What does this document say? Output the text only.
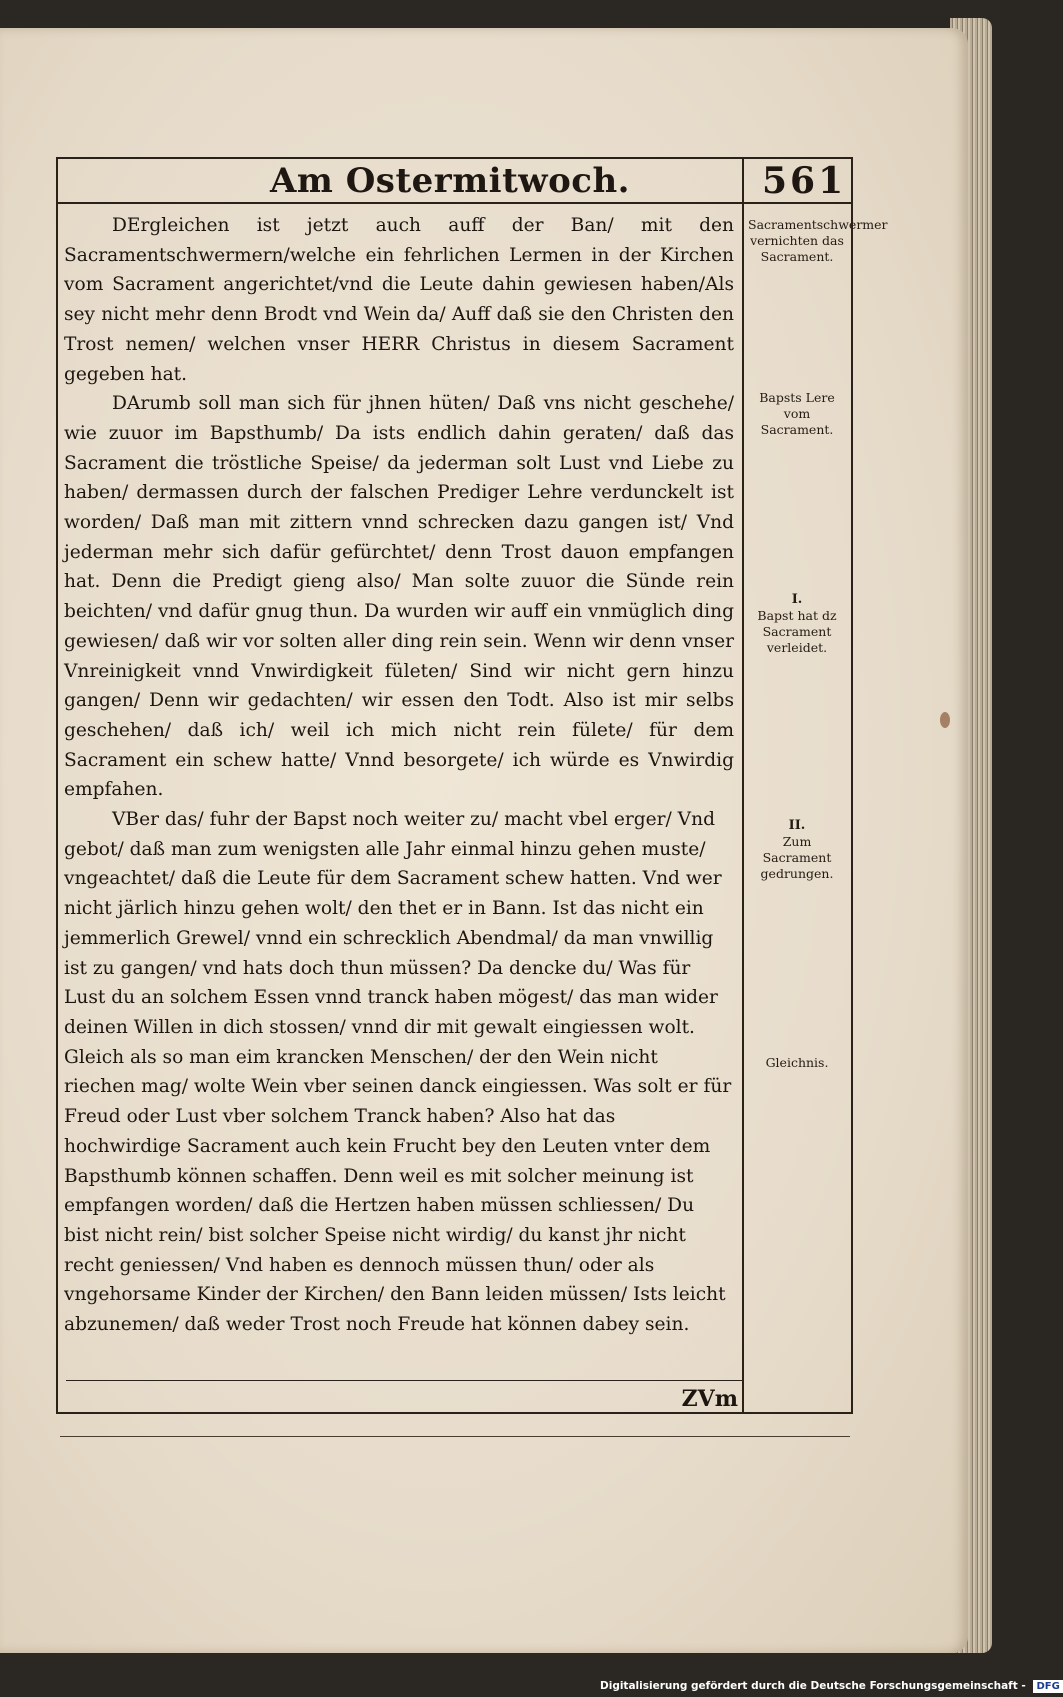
Am Ostermitwoch.	561

DErgleichen ist jetzt auch auff der Ban/ mit den Sacramentschwermern/welche ein fehrlichen Lermen in der Kirchen vom Sacrament angerichtet/vnd die Leute dahin gewiesen haben/Als sey nicht mehr denn Brodt vnd Wein da/ Auff daß sie den Christen den Trost nemen/ welchen vnser HERR Christus in diesem Sacrament gegeben hat.

DArumb soll man sich für jhnen hüten/ Daß vns nicht geschehe/ wie zuuor im Bapsthumb/ Da ists endlich dahin geraten/ daß das Sacrament die tröstliche Speise/ da jederman solt Lust vnd Liebe zu haben/ dermassen durch der falschen Prediger Lehre verdunckelt ist worden/ Daß man mit zittern vnnd schrecken dazu gangen ist/ Vnd jederman mehr sich dafür gefürchtet/ denn Trost dauon empfangen hat. Denn die Predigt gieng also/ Man solte zuuor die Sünde rein beichten/ vnd dafür gnug thun. Da wurden wir auff ein vnmüglich ding gewiesen/ daß wir vor solten aller ding rein sein. Wenn wir denn vnser Vnreinigkeit vnnd Vnwirdigkeit fületen/ Sind wir nicht gern hinzu gangen/ Denn wir gedachten/ wir essen den Todt. Also ist mir selbs geschehen/ daß ich/ weil ich mich nicht rein fülete/ für dem Sacrament ein schew hatte/ Vnnd besorgete/ ich würde es Vnwirdig empfahen.

VBer das/ fuhr der Bapst noch weiter zu/ macht vbel erger/ Vnd gebot/ daß man zum wenigsten alle Jahr einmal hinzu gehen muste/ vngeachtet/ daß die Leute für dem Sacrament schew hatten. Vnd wer nicht järlich hinzu gehen wolt/ den thet er in Bann. Ist das nicht ein jemmerlich Grewel/ vnnd ein schrecklich Abendmal/ da man vnwillig ist zu gangen/ vnd hats doch thun müssen? Da dencke du/ Was für Lust du an solchem Essen vnnd tranck haben mögest/ das man wider deinen Willen in dich stossen/ vnnd dir mit gewalt eingiessen wolt. Gleich als so man eim krancken Menschen/ der den Wein nicht riechen mag/ wolte Wein vber seinen danck eingiessen. Was solt er für Freud oder Lust vber solchem Tranck haben? Also hat das hochwirdige Sacrament auch kein Frucht bey den Leuten vnter dem Bapsthumb können schaffen. Denn weil es mit solcher meinung ist empfangen worden/ daß die Hertzen haben müssen schliessen/ Du bist nicht rein/ bist solcher Speise nicht wirdig/ du kanst jhr nicht recht geniessen/ Vnd haben es dennoch müssen thun/ oder als vngehorsame Kinder der Kirchen/ den Bann leiden müssen/ Ists leicht abzunemen/ daß weder Trost noch Freude hat können dabey sein.

ZVm
Sacramentschwermer vernichten das Sacrament.
Bapsts Lere vom Sacrament.
I.
Bapst hat dz Sacrament verleidet.
II.
Zum Sacrament gedrungen.
Gleichnis.
Digitalisierung gefördert durch die Deutsche Forschungsgemeinschaft - DFG
